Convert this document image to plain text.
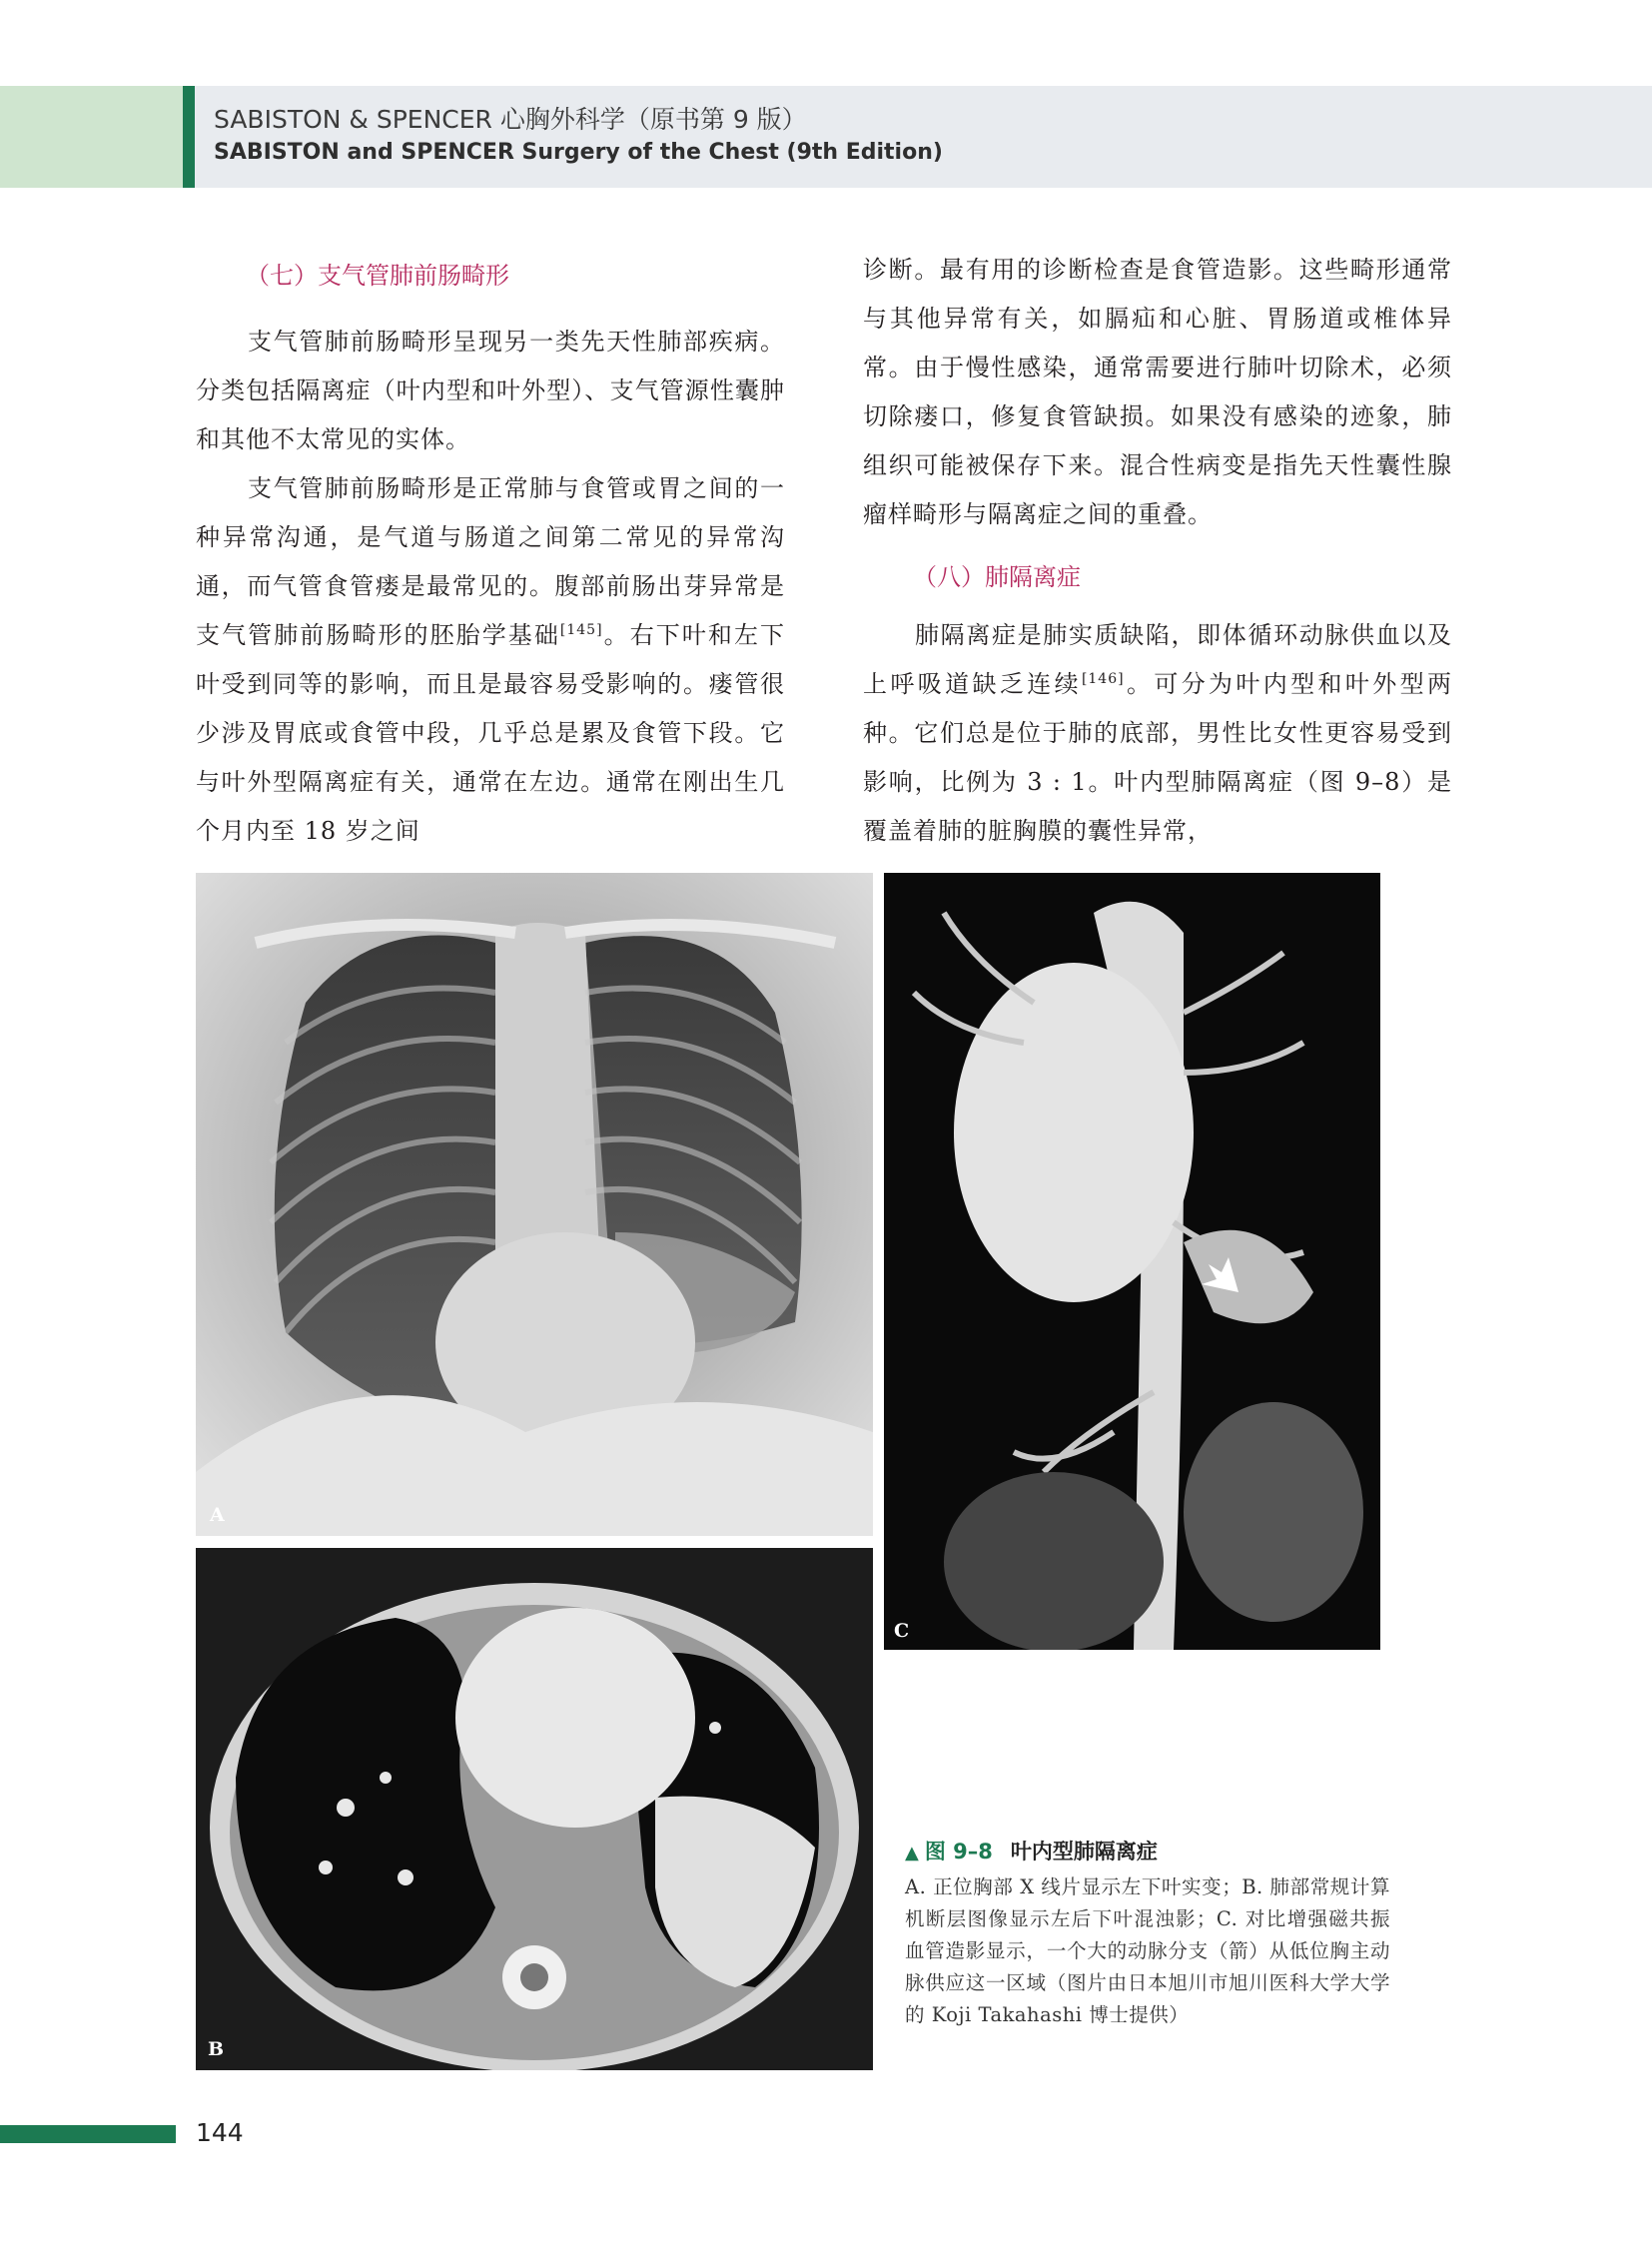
SABISTON & SPENCER 心胸外科学（原书第 9 版）
SABISTON and SPENCER Surgery of the Chest (9th Edition)
（七）支气管肺前肠畸形

支气管肺前肠畸形呈现另一类先天性肺部疾病。分类包括隔离症（叶内型和叶外型）、支气管源性囊肿和其他不太常见的实体。

支气管肺前肠畸形是正常肺与食管或胃之间的一种异常沟通，是气道与肠道之间第二常见的异常沟通，而气管食管瘘是最常见的。腹部前肠出芽异常是支气管肺前肠畸形的胚胎学基础[145]。右下叶和左下叶受到同等的影响，而且是最容易受影响的。瘘管很少涉及胃底或食管中段，几乎总是累及食管下段。它与叶外型隔离症有关，通常在左边。通常在刚出生几个月内至 18 岁之间

诊断。最有用的诊断检查是食管造影。这些畸形通常与其他异常有关，如膈疝和心脏、胃肠道或椎体异常。由于慢性感染，通常需要进行肺叶切除术，必须切除瘘口，修复食管缺损。如果没有感染的迹象，肺组织可能被保存下来。混合性病变是指先天性囊性腺瘤样畸形与隔离症之间的重叠。

（八）肺隔离症

肺隔离症是肺实质缺陷，即体循环动脉供血以及上呼吸道缺乏连续[146]。可分为叶内型和叶外型两种。它们总是位于肺的底部，男性比女性更容易受到影响，比例为 3 : 1。叶内型肺隔离症（图 9–8）是覆盖着肺的脏胸膜的囊性异常，

A
B
C
▲ 图 9–8 叶内型肺隔离症

A. 正位胸部 X 线片显示左下叶实变；B. 肺部常规计算机断层图像显示左后下叶混浊影；C. 对比增强磁共振血管造影显示，一个大的动脉分支（箭）从低位胸主动脉供应这一区域（图片由日本旭川市旭川医科大学大学的 Koji Takahashi 博士提供）

144
